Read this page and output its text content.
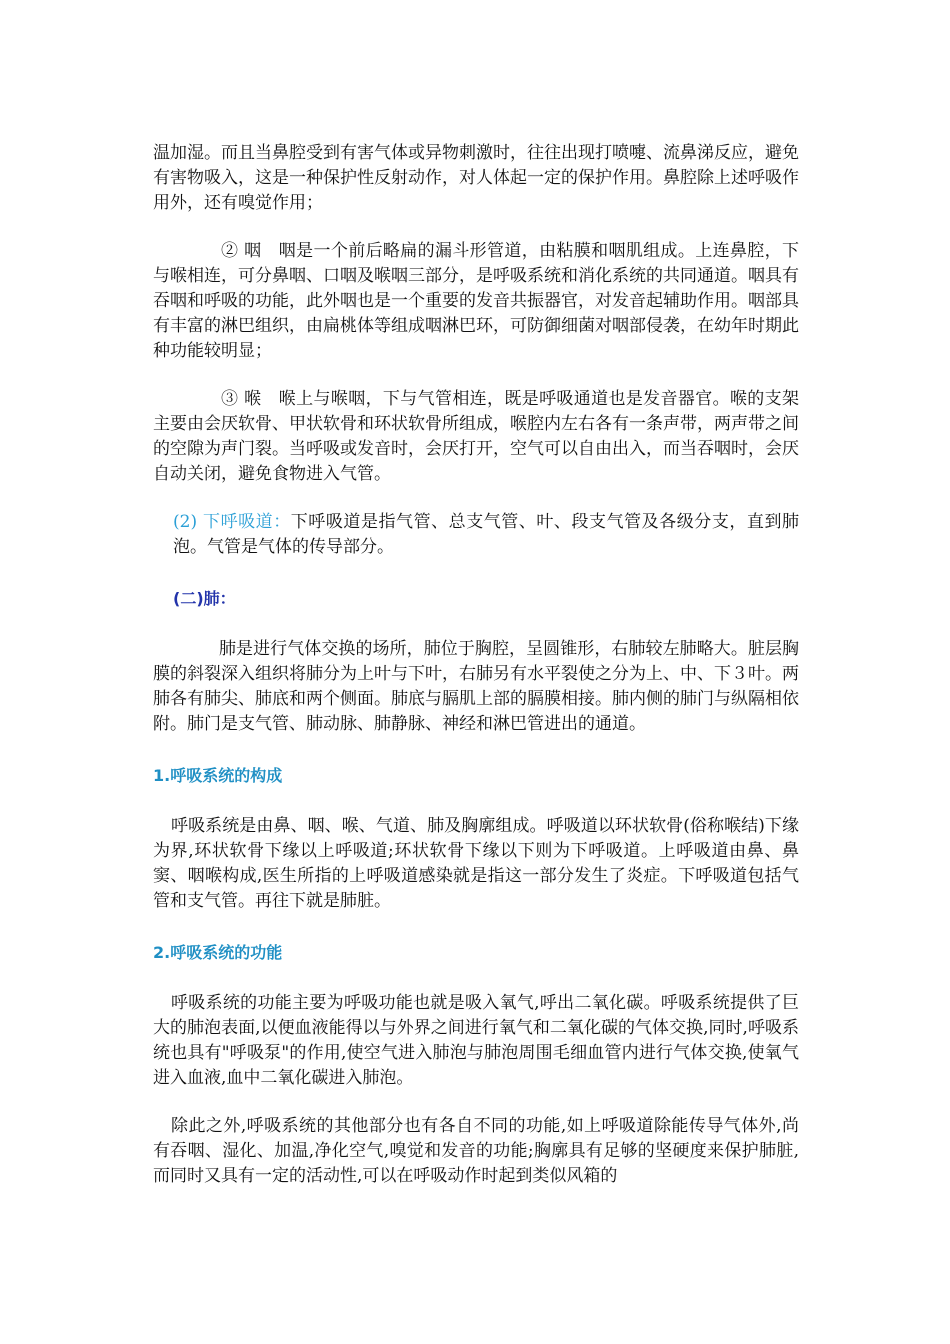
温加湿。而且当鼻腔受到有害气体或异物刺激时，往往出现打喷嚏、流鼻涕反应，避免有害物吸入，这是一种保护性反射动作，对人体起一定的保护作用。鼻腔除上述呼吸作用外，还有嗅觉作用；

② 咽　咽是一个前后略扁的漏斗形管道，由粘膜和咽肌组成。上连鼻腔，下与喉相连，可分鼻咽、口咽及喉咽三部分，是呼吸系统和消化系统的共同通道。咽具有吞咽和呼吸的功能，此外咽也是一个重要的发音共振器官，对发音起辅助作用。咽部具有丰富的淋巴组织，由扁桃体等组成咽淋巴环，可防御细菌对咽部侵袭，在幼年时期此种功能较明显；

③ 喉　喉上与喉咽，下与气管相连，既是呼吸通道也是发音器官。喉的支架主要由会厌软骨、甲状软骨和环状软骨所组成，喉腔内左右各有一条声带，两声带之间的空隙为声门裂。当呼吸或发音时，会厌打开，空气可以自由出入，而当吞咽时，会厌自动关闭，避免食物进入气管。

(2) 下呼吸道：下呼吸道是指气管、总支气管、叶、段支气管及各级分支，直到肺泡。气管是气体的传导部分。

(二)肺：

肺是进行气体交换的场所，肺位于胸腔，呈圆锥形，右肺较左肺略大。脏层胸膜的斜裂深入组织将肺分为上叶与下叶，右肺另有水平裂使之分为上、中、下３叶。两肺各有肺尖、肺底和两个侧面。肺底与膈肌上部的膈膜相接。肺内侧的肺门与纵隔相依附。肺门是支气管、肺动脉、肺静脉、神经和淋巴管进出的通道。

1.呼吸系统的构成

呼吸系统是由鼻、咽、喉、气道、肺及胸廓组成。呼吸道以环状软骨(俗称喉结)下缘为界,环状软骨下缘以上呼吸道;环状软骨下缘以下则为下呼吸道。上呼吸道由鼻、鼻窦、咽喉构成,医生所指的上呼吸道感染就是指这一部分发生了炎症。下呼吸道包括气管和支气管。再往下就是肺脏。

2.呼吸系统的功能

呼吸系统的功能主要为呼吸功能也就是吸入氧气,呼出二氧化碳。呼吸系统提供了巨大的肺泡表面,以便血液能得以与外界之间进行氧气和二氧化碳的气体交换,同时,呼吸系统也具有"呼吸泵"的作用,使空气进入肺泡与肺泡周围毛细血管内进行气体交换,使氧气进入血液,血中二氧化碳进入肺泡。

除此之外,呼吸系统的其他部分也有各自不同的功能,如上呼吸道除能传导气体外,尚有吞咽、湿化、加温,净化空气,嗅觉和发音的功能;胸廓具有足够的坚硬度来保护肺脏,而同时又具有一定的活动性,可以在呼吸动作时起到类似风箱的
